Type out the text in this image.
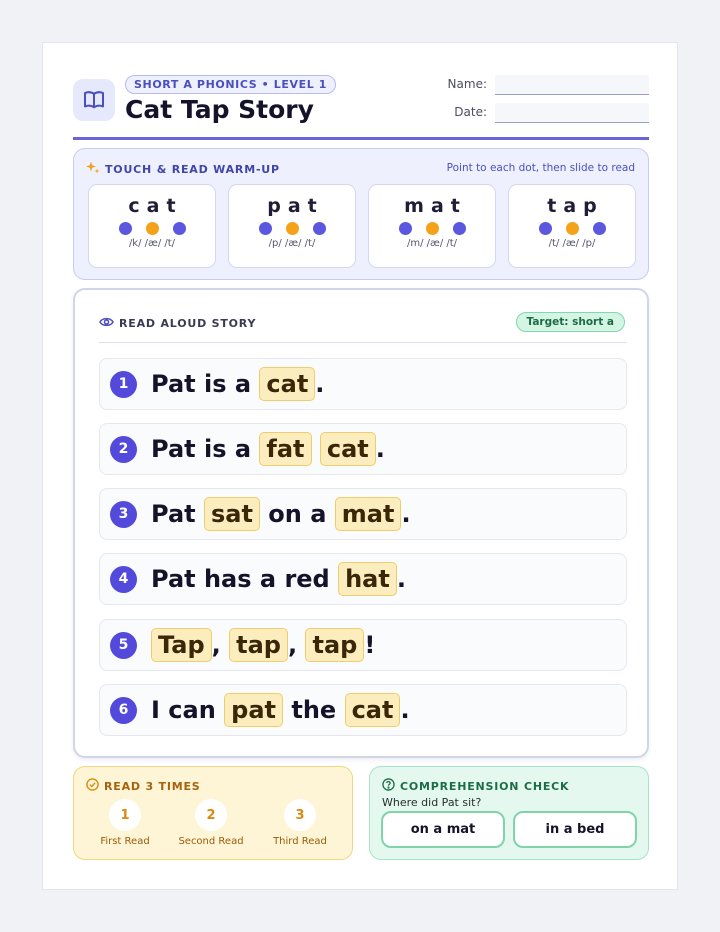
SHORT A PHONICS • LEVEL 1
Cat Tap Story
Name:
Date:
TOUCH & READ WARM-UP	Point to each dot, then slide to read
cat
/k/ /æ/ /t/
pat
/p/ /æ/ /t/
mat
/m/ /æ/ /t/
tap
/t/ /æ/ /p/
READ ALOUD STORY	Target: short a
1 Pat is a cat .
2 Pat is a fat
cat .
3 Pat sat on a mat .
4 Pat has a red hat .
5	Tap , tap , tap !
6 I can pat the cat .
READ 3 TIMES
1
First Read
2
Second Read
3
Third Read
COMPREHENSION CHECK
Where did Pat sit?
on a mat	in a bed
